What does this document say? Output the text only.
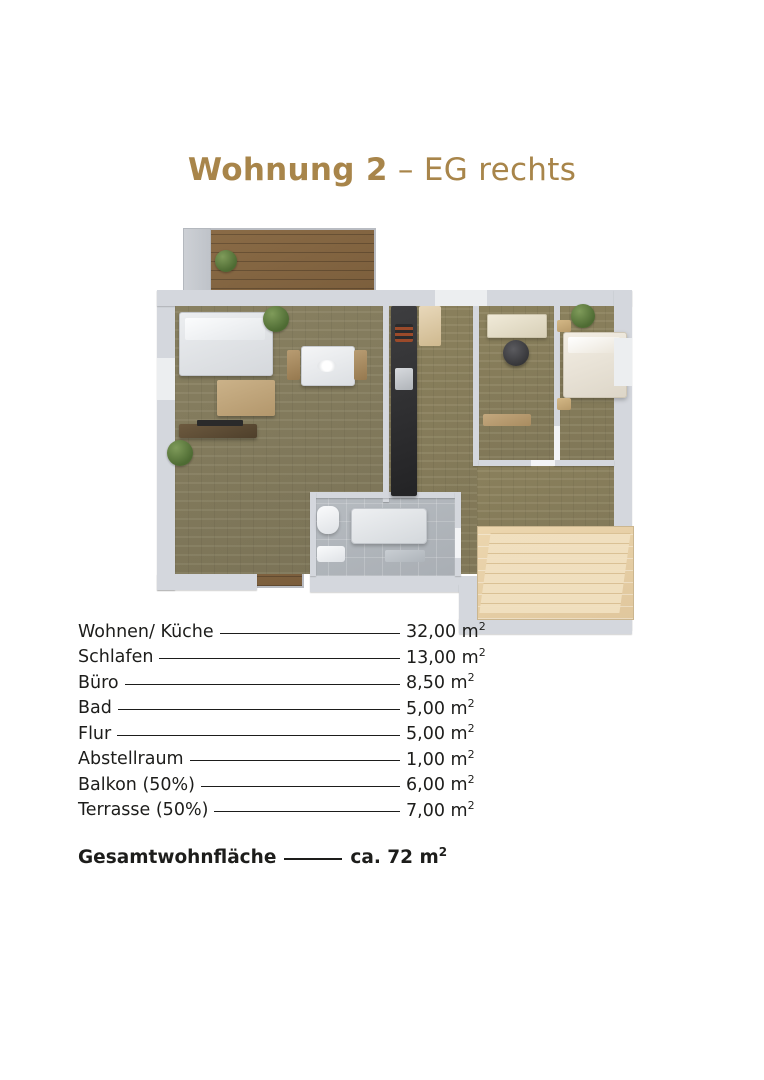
Wohnung 2 – EG rechts
Wohnen/ Küche	32,00 $m^2$
Schlafen	13,00 $m^2$
Büro	8,50 $m^2$
Bad	5,00 $m^2$
Flur	5,00 $m^2$
Abstellraum	1,00 $m^2$
Balkon (50%)	6,00 $m^2$
Terrasse (50%)	7,00 $m^2$
Gesamtwohnfläche	ca. 72 $m^2$
